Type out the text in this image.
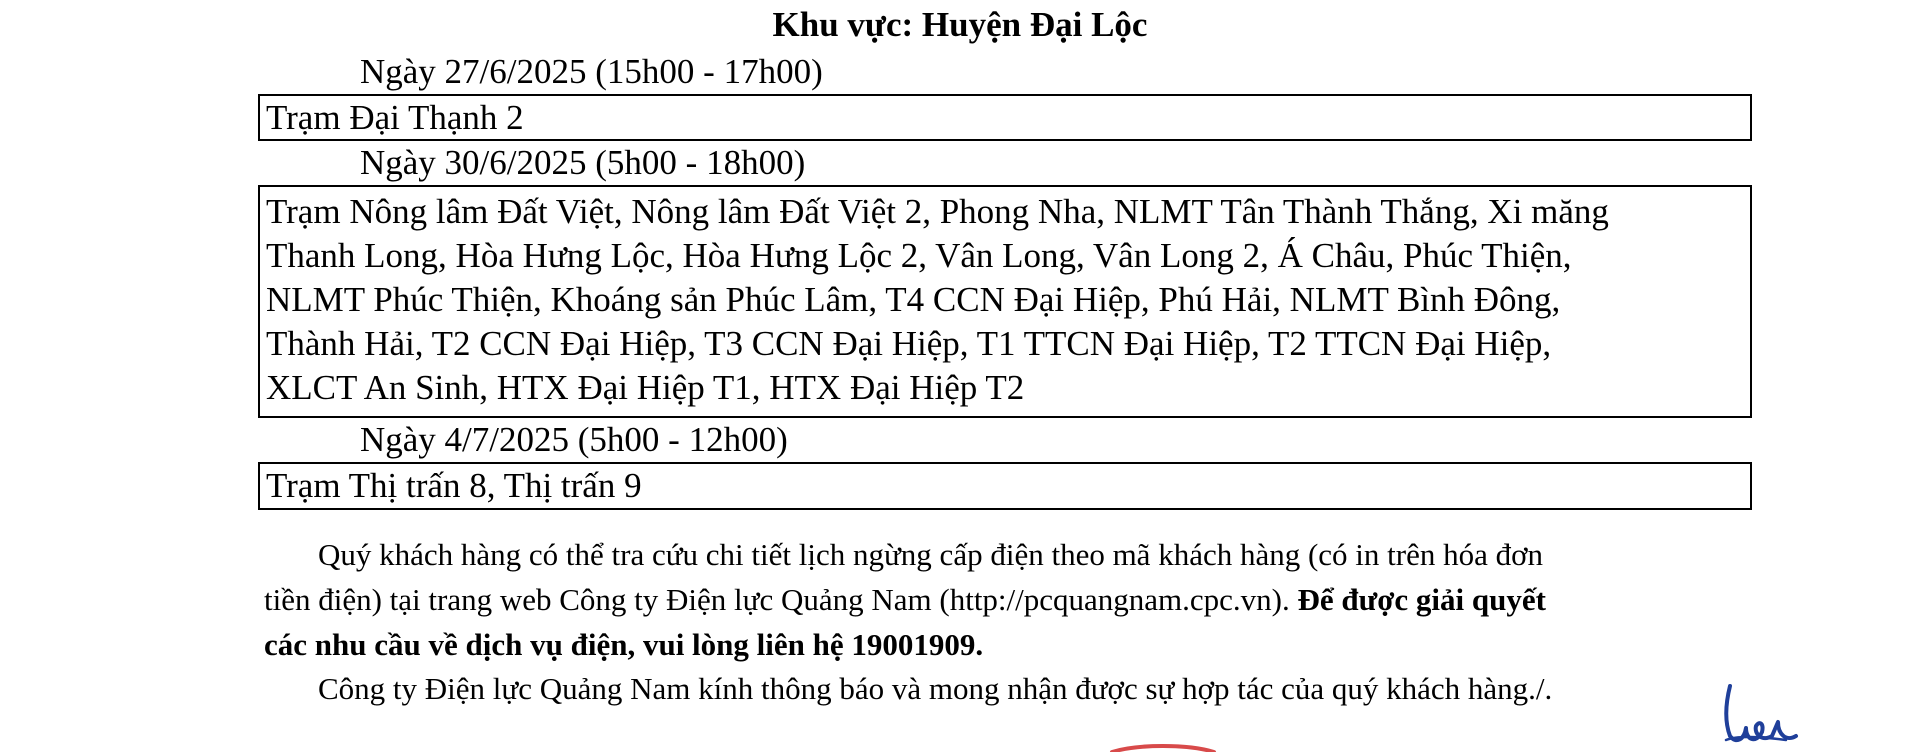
Khu vực: Huyện Đại Lộc
Ngày 27/6/2025 (15h00 - 17h00)
Trạm Đại Thạnh 2
Ngày 30/6/2025 (5h00 - 18h00)
Trạm Nông lâm Đất Việt, Nông lâm Đất Việt 2, Phong Nha, NLMT Tân Thành Thắng, Xi măng
Thanh Long, Hòa Hưng Lộc, Hòa Hưng Lộc 2, Vân Long, Vân Long 2, Á Châu, Phúc Thiện,
NLMT Phúc Thiện, Khoáng sản Phúc Lâm, T4 CCN Đại Hiệp, Phú Hải, NLMT Bình Đông,
Thành Hải, T2 CCN Đại Hiệp, T3 CCN Đại Hiệp, T1 TTCN Đại Hiệp, T2 TTCN Đại Hiệp,
XLCT An Sinh, HTX Đại Hiệp T1, HTX Đại Hiệp T2
Ngày 4/7/2025 (5h00 - 12h00)
Trạm Thị trấn 8, Thị trấn 9
Quý khách hàng có thể tra cứu chi tiết lịch ngừng cấp điện theo mã khách hàng (có in trên hóa đơn
tiền điện) tại trang web Công ty Điện lực Quảng Nam (http://pcquangnam.cpc.vn). Để được giải quyết
các nhu cầu về dịch vụ điện, vui lòng liên hệ 19001909.
Công ty Điện lực Quảng Nam kính thông báo và mong nhận được sự hợp tác của quý khách hàng./.
